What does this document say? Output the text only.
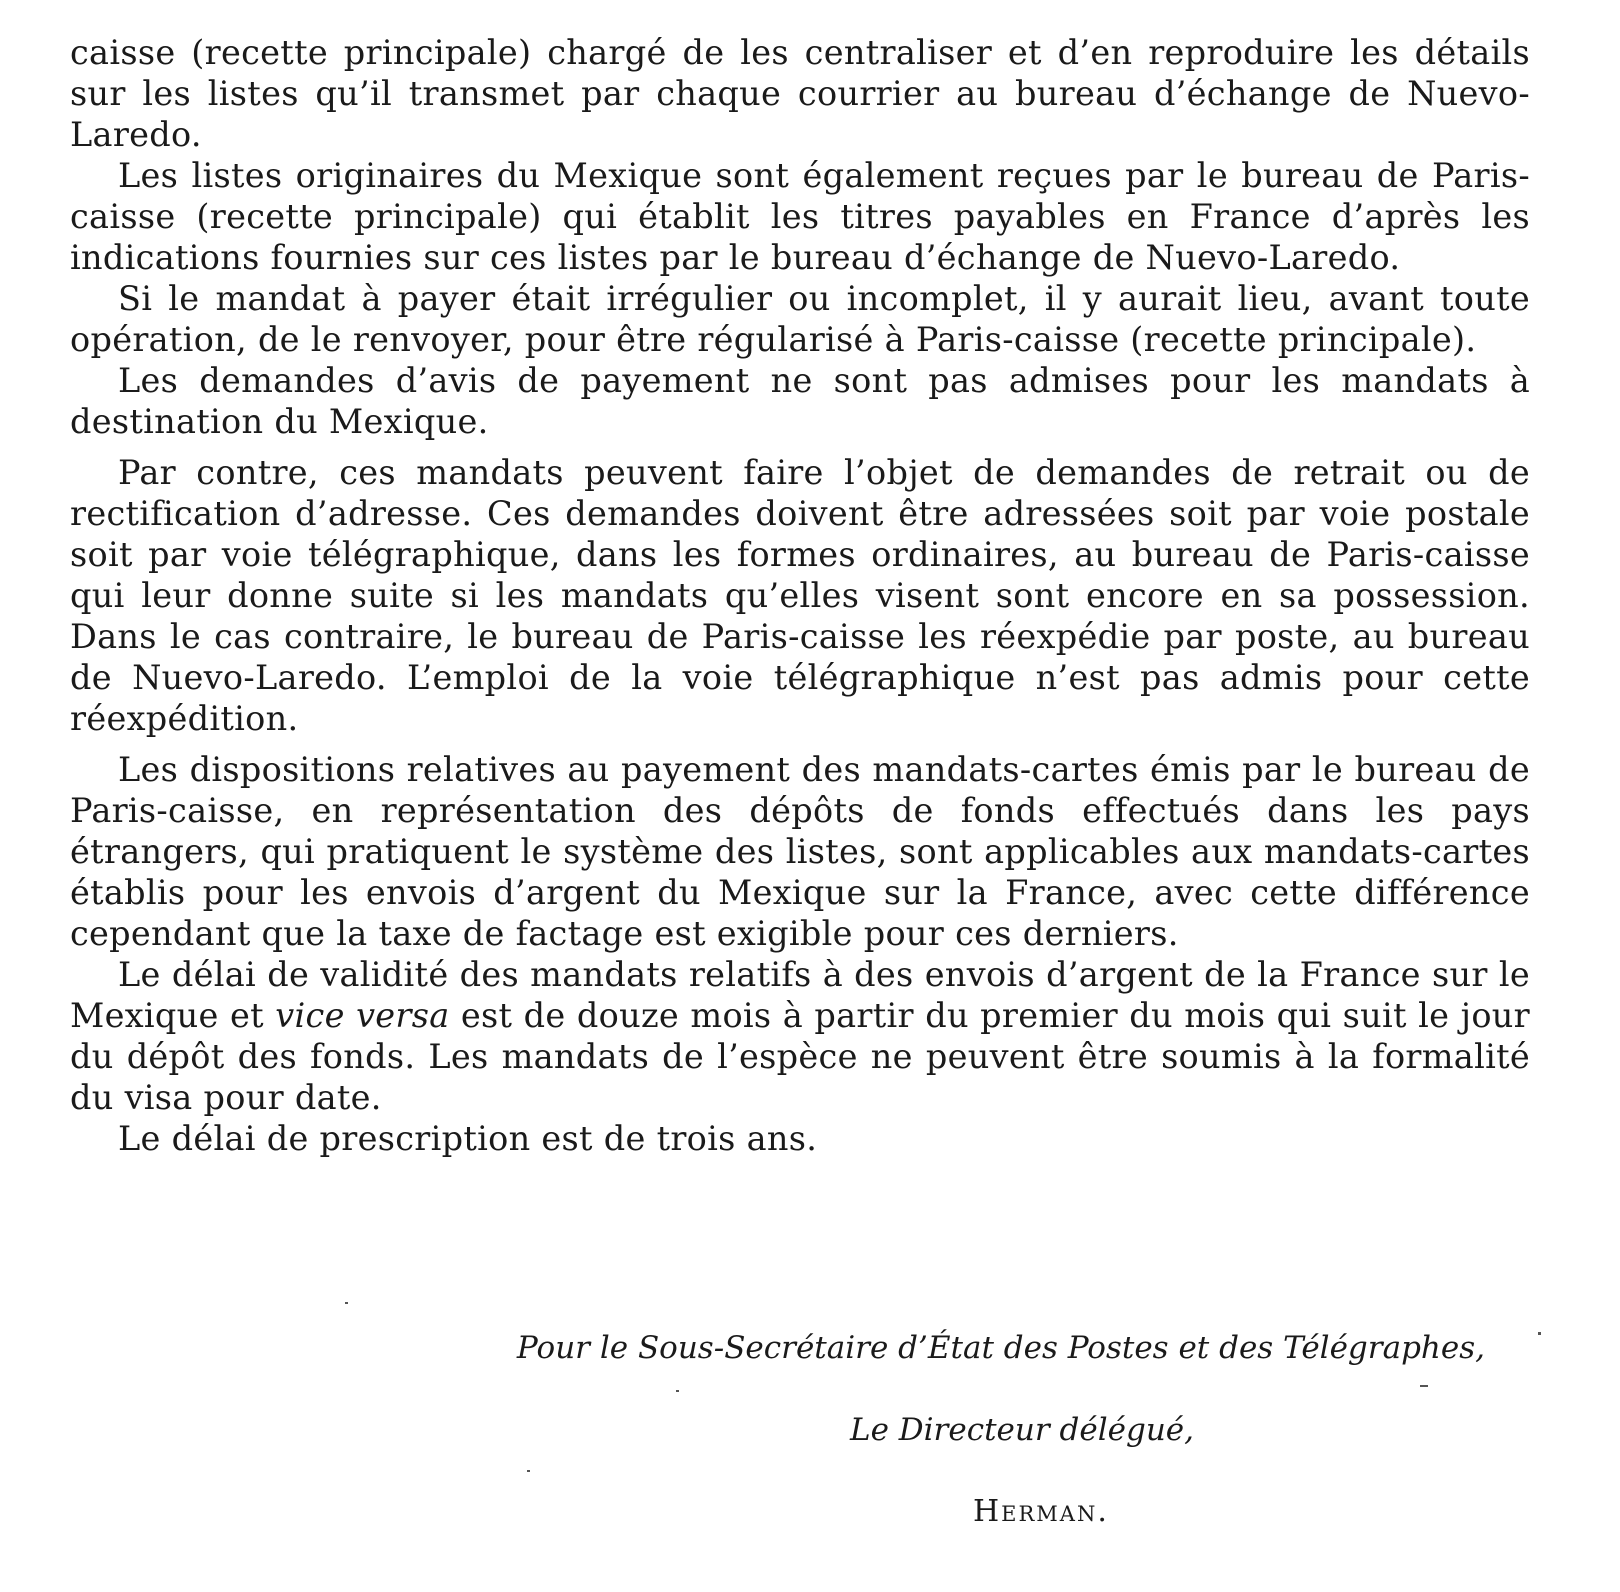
caisse (recette principale) chargé de les centraliser et d’en reproduire les détails sur les listes qu’il transmet par chaque courrier au bureau d’échange de Nuevo-Laredo.

Les listes originaires du Mexique sont également reçues par le bureau de Paris-caisse (recette principale) qui établit les titres payables en France d’après les indications fournies sur ces listes par le bureau d’échange de Nuevo-Laredo.

Si le mandat à payer était irrégulier ou incomplet, il y aurait lieu, avant toute opération, de le renvoyer, pour être régularisé à Paris-caisse (recette principale).

Les demandes d’avis de payement ne sont pas admises pour les mandats à destination du Mexique.

Par contre, ces mandats peuvent faire l’objet de demandes de retrait ou de rectification d’adresse. Ces demandes doivent être adressées soit par voie postale soit par voie télégraphique, dans les formes ordinaires, au bureau de Paris-caisse qui leur donne suite si les mandats qu’elles visent sont encore en sa possession. Dans le cas contraire, le bureau de Paris-caisse les réexpédie par poste, au bureau de Nuevo-Laredo. L’emploi de la voie télégraphique n’est pas admis pour cette réexpédition.

Les dispositions relatives au payement des mandats-cartes émis par le bureau de Paris-caisse, en représentation des dépôts de fonds effectués dans les pays étrangers, qui pratiquent le système des listes, sont applicables aux mandats-cartes établis pour les envois d’argent du Mexique sur la France, avec cette différence cependant que la taxe de factage est exigible pour ces derniers.

Le délai de validité des mandats relatifs à des envois d’argent de la France sur le Mexique et vice versa est de douze mois à partir du premier du mois qui suit le jour du dépôt des fonds. Les mandats de l’espèce ne peuvent être soumis à la formalité du visa pour date.

Le délai de prescription est de trois ans.

Pour le Sous-Secrétaire d’État des Postes et des Télégraphes,
Le Directeur délégué,
Herman.
